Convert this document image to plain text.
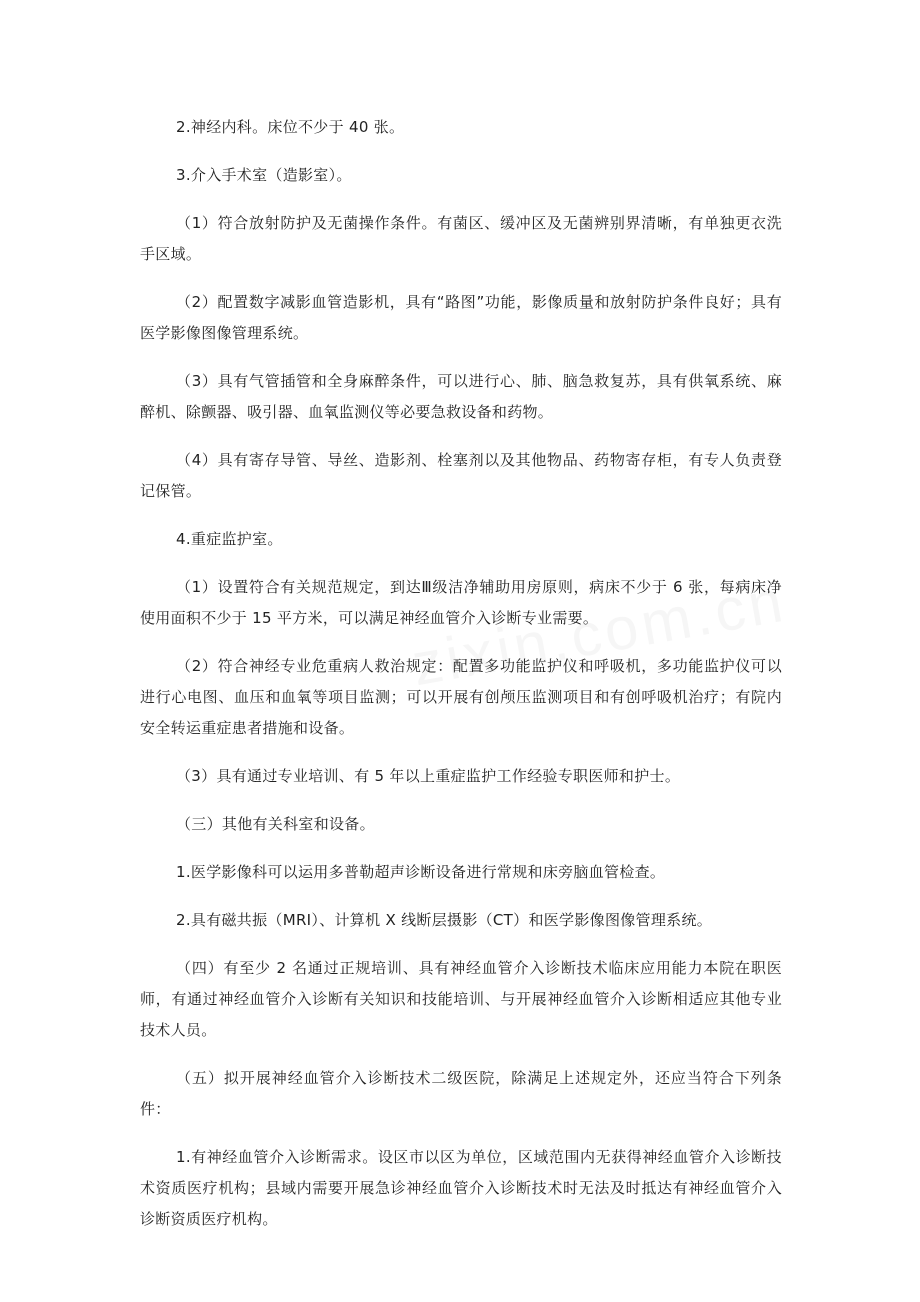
2.神经内科。床位不少于 40 张。

3.介入手术室（造影室）。

（1）符合放射防护及无菌操作条件。有菌区、缓冲区及无菌辨别界清晰，有单独更衣洗手区域。

（2）配置数字减影血管造影机，具有“路图”功能，影像质量和放射防护条件良好；具有医学影像图像管理系统。

（3）具有气管插管和全身麻醉条件，可以进行心、肺、脑急救复苏，具有供氧系统、麻醉机、除颤器、吸引器、血氧监测仪等必要急救设备和药物。

（4）具有寄存导管、导丝、造影剂、栓塞剂以及其他物品、药物寄存柜，有专人负责登记保管。

4.重症监护室。

（1）设置符合有关规范规定，到达Ⅲ级洁净辅助用房原则，病床不少于 6 张，每病床净使用面积不少于 15 平方米，可以满足神经血管介入诊断专业需要。

（2）符合神经专业危重病人救治规定：配置多功能监护仪和呼吸机，多功能监护仪可以进行心电图、血压和血氧等项目监测；可以开展有创颅压监测项目和有创呼吸机治疗；有院内安全转运重症患者措施和设备。

（3）具有通过专业培训、有 5 年以上重症监护工作经验专职医师和护士。

（三）其他有关科室和设备。

1.医学影像科可以运用多普勒超声诊断设备进行常规和床旁脑血管检查。

2.具有磁共振（MRI）、计算机 X 线断层摄影（CT）和医学影像图像管理系统。

（四）有至少 2 名通过正规培训、具有神经血管介入诊断技术临床应用能力本院在职医师，有通过神经血管介入诊断有关知识和技能培训、与开展神经血管介入诊断相适应其他专业技术人员。

（五）拟开展神经血管介入诊断技术二级医院，除满足上述规定外，还应当符合下列条件：

1.有神经血管介入诊断需求。设区市以区为单位，区域范围内无获得神经血管介入诊断技术资质医疗机构；县域内需要开展急诊神经血管介入诊断技术时无法及时抵达有神经血管介入诊断资质医疗机构。
